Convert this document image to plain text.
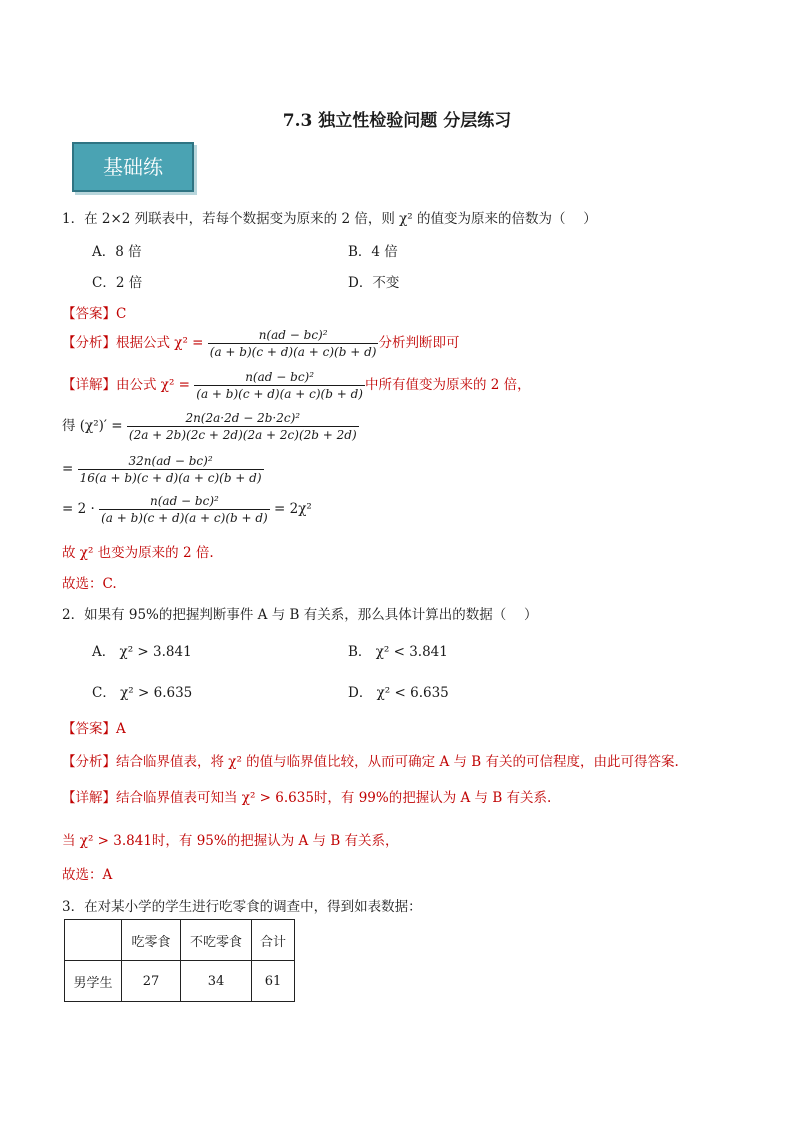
7.3 独立性检验问题 分层练习
基础练
1．在 2×2 列联表中，若每个数据变为原来的 2 倍，则 χ² 的值变为原来的倍数为（　 ）
A．8 倍	B．4 倍
C．2 倍	D．不变
【答案】C
【分析】根据公式 $\chi^2 = \frac{\text{n(ad − bc)²}}{(a + b)(c + d)(a + c)(b + d)}$ 分析判断即可
【详解】由公式 $\chi^2 = \frac{\text{n(ad − bc)²}}{(a + b)(c + d)(a + c)(b + d)}$ 中所有值变为原来的 2 倍，
得 $(\chi^2)' = \frac{\text{2n(2a·2d − 2b·2c)²}}{(2a + 2b)(2c + 2d)(2a + 2c)(2b + 2d)}$
= $\frac{\text{32n(ad − bc)²}}{16(a + b)(c + d)(a + c)(b + d)}$
= $2 \cdot \frac{\text{n(ad − bc)²}}{(a + b)(c + d)(a + c)(b + d)} = 2\chi^2$
故 χ² 也变为原来的 2 倍.
故选：C.
2．如果有 95%的把握判断事件 A 与 B 有关系，那么具体计算出的数据（　 ）
A． χ² > 3.841	B． χ² < 3.841
C． χ² > 6.635	D． χ² < 6.635
【答案】A
【分析】结合临界值表，将 χ² 的值与临界值比较，从而可确定 A 与 B 有关的可信程度，由此可得答案.
【详解】结合临界值表可知当 χ² > 6.635时，有 99%的把握认为 A 与 B 有关系.
当 χ² > 3.841时，有 95%的把握认为 A 与 B 有关系，
故选：A
3．在对某小学的学生进行吃零食的调查中，得到如表数据：
	吃零食	不吃零食	合计
男学生	27	34	61
